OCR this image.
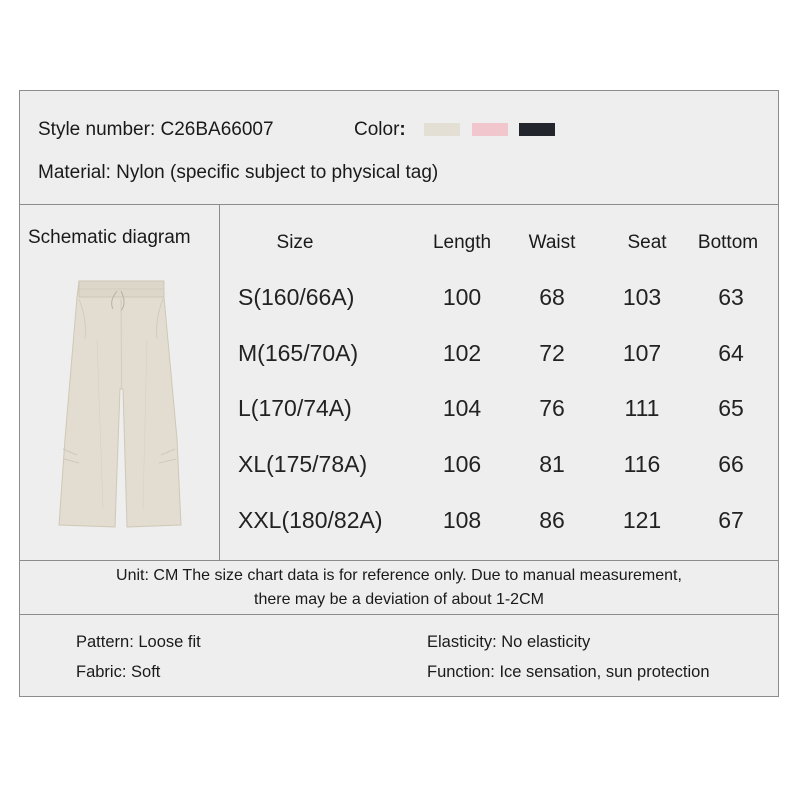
Style number: C26BA66007	Color:
Material: Nylon (specific subject to physical tag)
Schematic diagram	Size	Length	Waist	Seat	Bottom
S(160/66A)	100	68	103	63
M(165/70A)	102	72	107	64
L(170/74A)	104	76	111	65
XL(175/78A)	106	81	116	66
XXL(180/82A)	108	86	121	67
Unit: CM The size chart data is for reference only. Due to manual measurement,
there may be a deviation of about 1-2CM
Pattern: Loose fit
Fabric: Soft
Elasticity: No elasticity
Function: Ice sensation, sun protection
